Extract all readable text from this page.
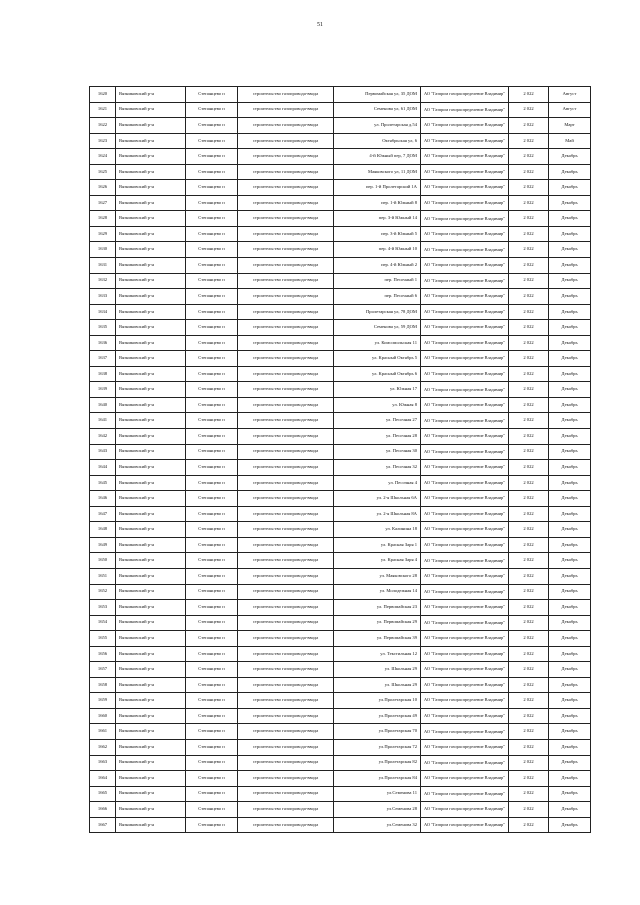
51
1620	Вязниковский р-н	Степанцево п	строительство газопровода-ввода	Первомайская ул, 35 ДОМ	АО "Газпром газораспределение Владимир"	2 022	Август
1621	Вязниковский р-н	Степанцево п	строительство газопровода-ввода	Семенова ул, 61 ДОМ	АО "Газпром газораспределение Владимир"	2 022	Август
1622	Вязниковский р-н	Степанцево п	строительство газопровода-ввода	ул. Пролетарская д.54	АО "Газпром газораспределение Владимир"	2 022	Март
1623	Вязниковский р-н	Степанцево п	строительство газопровода-ввода	Октябрьская ул, 6	АО "Газпром газораспределение Владимир"	2 022	Май
1624	Вязниковский р-н	Степанцево п	строительство газопровода-ввода	4-й Южный пер, 7 ДОМ	АО "Газпром газораспределение Владимир"	2 022	Декабрь
1625	Вязниковский р-н	Степанцево п	строительство газопровода-ввода	Маяковского ул, 11 ДОМ	АО "Газпром газораспределение Владимир"	2 022	Декабрь
1626	Вязниковский р-н	Степанцево п	строительство газопровода-ввода	пер. 1-й Пролетарский 1А	АО "Газпром газораспределение Владимир"	2 022	Декабрь
1627	Вязниковский р-н	Степанцево п	строительство газопровода-ввода	пер. 1-й Южный 8	АО "Газпром газораспределение Владимир"	2 022	Декабрь
1628	Вязниковский р-н	Степанцево п	строительство газопровода-ввода	пер. 3-й Южный 14	АО "Газпром газораспределение Владимир"	2 022	Декабрь
1629	Вязниковский р-н	Степанцево п	строительство газопровода-ввода	пер. 3-й Южный 5	АО "Газпром газораспределение Владимир"	2 022	Декабрь
1630	Вязниковский р-н	Степанцево п	строительство газопровода-ввода	пер. 4-й Южный 10	АО "Газпром газораспределение Владимир"	2 022	Декабрь
1631	Вязниковский р-н	Степанцево п	строительство газопровода-ввода	пер. 4-й Южный 2	АО "Газпром газораспределение Владимир"	2 022	Декабрь
1632	Вязниковский р-н	Степанцево п	строительство газопровода-ввода	пер. Песочный 1	АО "Газпром газораспределение Владимир"	2 022	Декабрь
1633	Вязниковский р-н	Степанцево п	строительство газопровода-ввода	пер. Песочный 6	АО "Газпром газораспределение Владимир"	2 022	Декабрь
1634	Вязниковский р-н	Степанцево п	строительство газопровода-ввода	Пролетарская ул, 78 ДОМ	АО "Газпром газораспределение Владимир"	2 022	Декабрь
1635	Вязниковский р-н	Степанцево п	строительство газопровода-ввода	Семенова ул, 59 ДОМ	АО "Газпром газораспределение Владимир"	2 022	Декабрь
1636	Вязниковский р-н	Степанцево п	строительство газопровода-ввода	ул. Комсомольская 11	АО "Газпром газораспределение Владимир"	2 022	Декабрь
1637	Вязниковский р-н	Степанцево п	строительство газопровода-ввода	ул. Красный Октябрь 5	АО "Газпром газораспределение Владимир"	2 022	Декабрь
1638	Вязниковский р-н	Степанцево п	строительство газопровода-ввода	ул. Красный Октябрь 6	АО "Газпром газораспределение Владимир"	2 022	Декабрь
1639	Вязниковский р-н	Степанцево п	строительство газопровода-ввода	ул. Южная 17	АО "Газпром газораспределение Владимир"	2 022	Декабрь
1640	Вязниковский р-н	Степанцево п	строительство газопровода-ввода	ул. Южная 8	АО "Газпром газораспределение Владимир"	2 022	Декабрь
1641	Вязниковский р-н	Степанцево п	строительство газопровода-ввода	ул. Песочная 27	АО "Газпром газораспределение Владимир"	2 022	Декабрь
1642	Вязниковский р-н	Степанцево п	строительство газопровода-ввода	ул. Песочная 28	АО "Газпром газораспределение Владимир"	2 022	Декабрь
1643	Вязниковский р-н	Степанцево п	строительство газопровода-ввода	ул. Песочная 30	АО "Газпром газораспределение Владимир"	2 022	Декабрь
1644	Вязниковский р-н	Степанцево п	строительство газопровода-ввода	ул. Песочная 32	АО "Газпром газораспределение Владимир"	2 022	Декабрь
1645	Вязниковский р-н	Степанцево п	строительство газопровода-ввода	ул. Песочная 4	АО "Газпром газораспределение Владимир"	2 022	Декабрь
1646	Вязниковский р-н	Степанцево п	строительство газопровода-ввода	ул. 2-я Школьная 6А	АО "Газпром газораспределение Владимир"	2 022	Декабрь
1647	Вязниковский р-н	Степанцево п	строительство газопровода-ввода	ул. 2-я Школьная 8А	АО "Газпром газораспределение Владимир"	2 022	Декабрь
1648	Вязниковский р-н	Степанцево п	строительство газопровода-ввода	ул. Калинина 18	АО "Газпром газораспределение Владимир"	2 022	Декабрь
1649	Вязниковский р-н	Степанцево п	строительство газопровода-ввода	ул. Красная Заря 1	АО "Газпром газораспределение Владимир"	2 022	Декабрь
1650	Вязниковский р-н	Степанцево п	строительство газопровода-ввода	ул. Красная Заря 4	АО "Газпром газораспределение Владимир"	2 022	Декабрь
1651	Вязниковский р-н	Степанцево п	строительство газопровода-ввода	ул. Маяковского 28	АО "Газпром газораспределение Владимир"	2 022	Декабрь
1652	Вязниковский р-н	Степанцево п	строительство газопровода-ввода	ул. Молодежная 14	АО "Газпром газораспределение Владимир"	2 022	Декабрь
1653	Вязниковский р-н	Степанцево п	строительство газопровода-ввода	ул. Первомайская 23	АО "Газпром газораспределение Владимир"	2 022	Декабрь
1654	Вязниковский р-н	Степанцево п	строительство газопровода-ввода	ул. Первомайская 29	АО "Газпром газораспределение Владимир"	2 022	Декабрь
1655	Вязниковский р-н	Степанцево п	строительство газопровода-ввода	ул. Первомайская 39	АО "Газпром газораспределение Владимир"	2 022	Декабрь
1656	Вязниковский р-н	Степанцево п	строительство газопровода-ввода	ул. Текстильная 12	АО "Газпром газораспределение Владимир"	2 022	Декабрь
1657	Вязниковский р-н	Степанцево п	строительство газопровода-ввода	ул. Школьная 29	АО "Газпром газораспределение Владимир"	2 022	Декабрь
1658	Вязниковский р-н	Степанцево п	строительство газопровода-ввода	ул. Школьная 29	АО "Газпром газораспределение Владимир"	2 022	Декабрь
1659	Вязниковский р-н	Степанцево п	строительство газопровода-ввода	ул.Пролетарская 10	АО "Газпром газораспределение Владимир"	2 022	Декабрь
1660	Вязниковский р-н	Степанцево п	строительство газопровода-ввода	ул.Пролетарская 49	АО "Газпром газораспределение Владимир"	2 022	Декабрь
1661	Вязниковский р-н	Степанцево п	строительство газопровода-ввода	ул.Пролетарская 70	АО "Газпром газораспределение Владимир"	2 022	Декабрь
1662	Вязниковский р-н	Степанцево п	строительство газопровода-ввода	ул.Пролетарская 72	АО "Газпром газораспределение Владимир"	2 022	Декабрь
1663	Вязниковский р-н	Степанцево п	строительство газопровода-ввода	ул.Пролетарская 82	АО "Газпром газораспределение Владимир"	2 022	Декабрь
1664	Вязниковский р-н	Степанцево п	строительство газопровода-ввода	ул.Пролетарская 84	АО "Газпром газораспределение Владимир"	2 022	Декабрь
1665	Вязниковский р-н	Степанцево п	строительство газопровода-ввода	ул.Семенова 11	АО "Газпром газораспределение Владимир"	2 022	Декабрь
1666	Вязниковский р-н	Степанцево п	строительство газопровода-ввода	ул.Семенова 28	АО "Газпром газораспределение Владимир"	2 022	Декабрь
1667	Вязниковский р-н	Степанцево п	строительство газопровода-ввода	ул.Семенова 32	АО "Газпром газораспределение Владимир"	2 022	Декабрь
